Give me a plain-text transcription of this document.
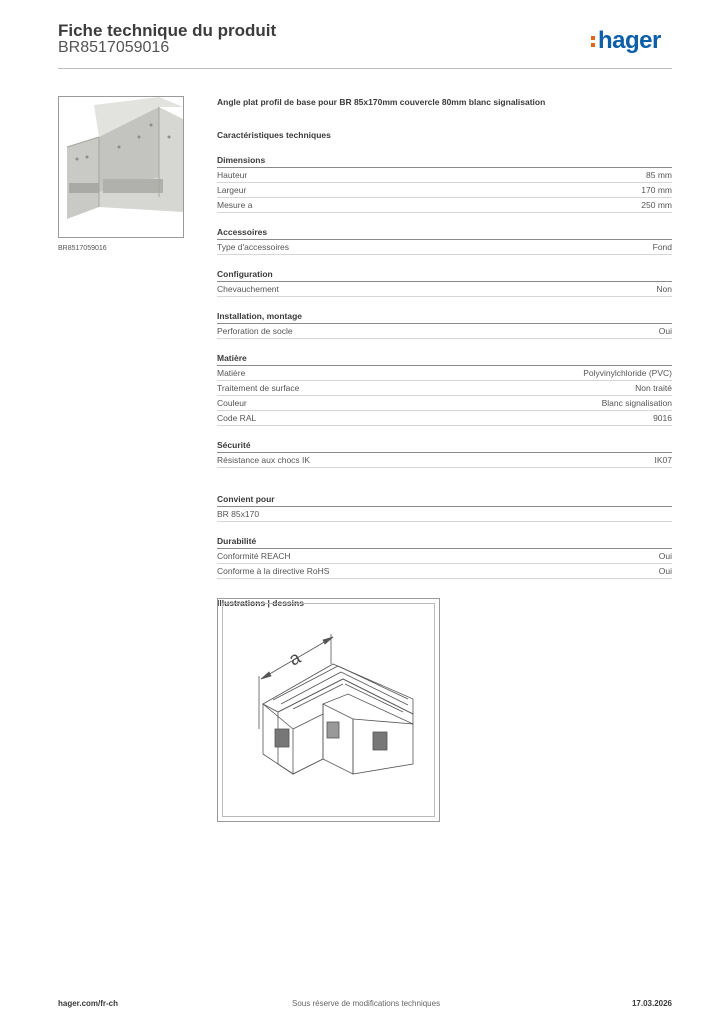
Fiche technique du produit
BR8517059016	hager
BR8517059016
Angle plat profil de base pour BR 85x170mm couvercle 80mm blanc signalisation
Caractéristiques techniques
Dimensions
Hauteur	85 mm
Largeur	170 mm
Mesure a	250 mm
Accessoires
Type d'accessoires	Fond
Configuration
Chevauchement	Non
Installation, montage
Perforation de socle	Oui
Matière
Matière	Polyvinylchloride (PVC)
Traitement de surface	Non traité
Couleur	Blanc signalisation
Code RAL	9016
Sécurité
Résistance aux chocs IK	IK07
Convient pour
BR 85x170
Durabilité
Conformité REACH	Oui
Conforme à la directive RoHS	Oui
Illustrations | dessins
a
hager.com/fr-ch	Sous réserve de modifications techniques	17.03.2026
